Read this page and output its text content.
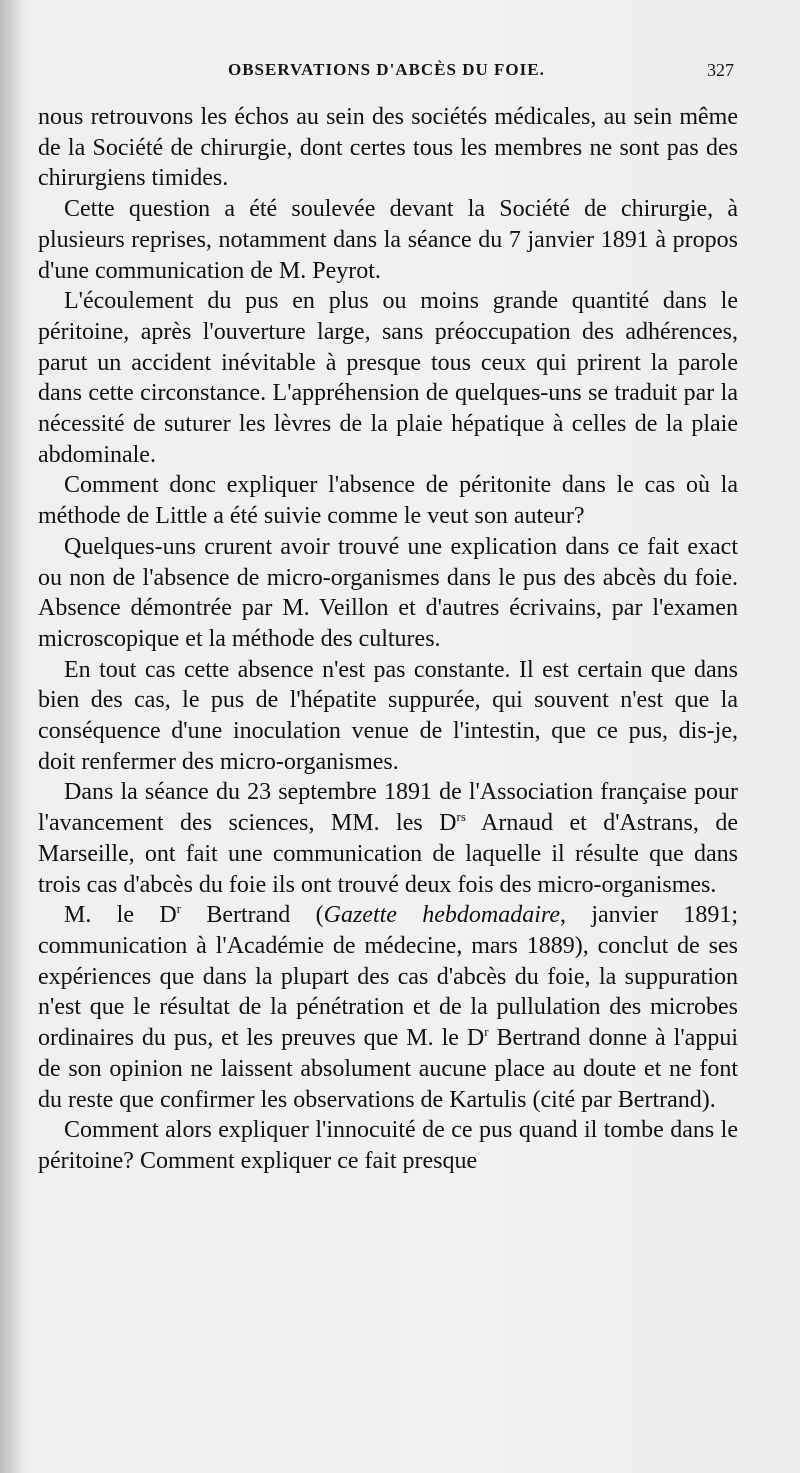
OBSERVATIONS D'ABCÈS DU FOIE.	327

nous retrouvons les échos au sein des sociétés médicales, au sein même de la Société de chirurgie, dont certes tous les membres ne sont pas des chirurgiens timides.

Cette question a été soulevée devant la Société de chirurgie, à plusieurs reprises, notamment dans la séance du 7 janvier 1891 à propos d'une communication de M. Peyrot.

L'écoulement du pus en plus ou moins grande quantité dans le péritoine, après l'ouverture large, sans préoccupation des adhérences, parut un accident inévitable à presque tous ceux qui prirent la parole dans cette circonstance. L'appréhension de quelques-uns se traduit par la nécessité de suturer les lèvres de la plaie hépatique à celles de la plaie abdominale.

Comment donc expliquer l'absence de péritonite dans le cas où la méthode de Little a été suivie comme le veut son auteur?

Quelques-uns crurent avoir trouvé une explication dans ce fait exact ou non de l'absence de micro-organismes dans le pus des abcès du foie. Absence démontrée par M. Veillon et d'autres écrivains, par l'examen microscopique et la méthode des cultures.

En tout cas cette absence n'est pas constante. Il est certain que dans bien des cas, le pus de l'hépatite suppurée, qui souvent n'est que la conséquence d'une inoculation venue de l'intestin, que ce pus, dis-je, doit renfermer des micro-organismes.

Dans la séance du 23 septembre 1891 de l'Association française pour l'avancement des sciences, MM. les $D^{rs}$ Arnaud et d'Astrans, de Marseille, ont fait une communication de laquelle il résulte que dans trois cas d'abcès du foie ils ont trouvé deux fois des micro-organismes.

M. le $D^r$ Bertrand (Gazette hebdomadaire, janvier 1891; communication à l'Académie de médecine, mars 1889), conclut de ses expériences que dans la plupart des cas d'abcès du foie, la suppuration n'est que le résultat de la pénétration et de la pullulation des microbes ordinaires du pus, et les preuves que M. le $D^r$ Bertrand donne à l'appui de son opinion ne laissent absolument aucune place au doute et ne font du reste que confirmer les observations de Kartulis (cité par Bertrand).

Comment alors expliquer l'innocuité de ce pus quand il tombe dans le péritoine? Comment expliquer ce fait presque
